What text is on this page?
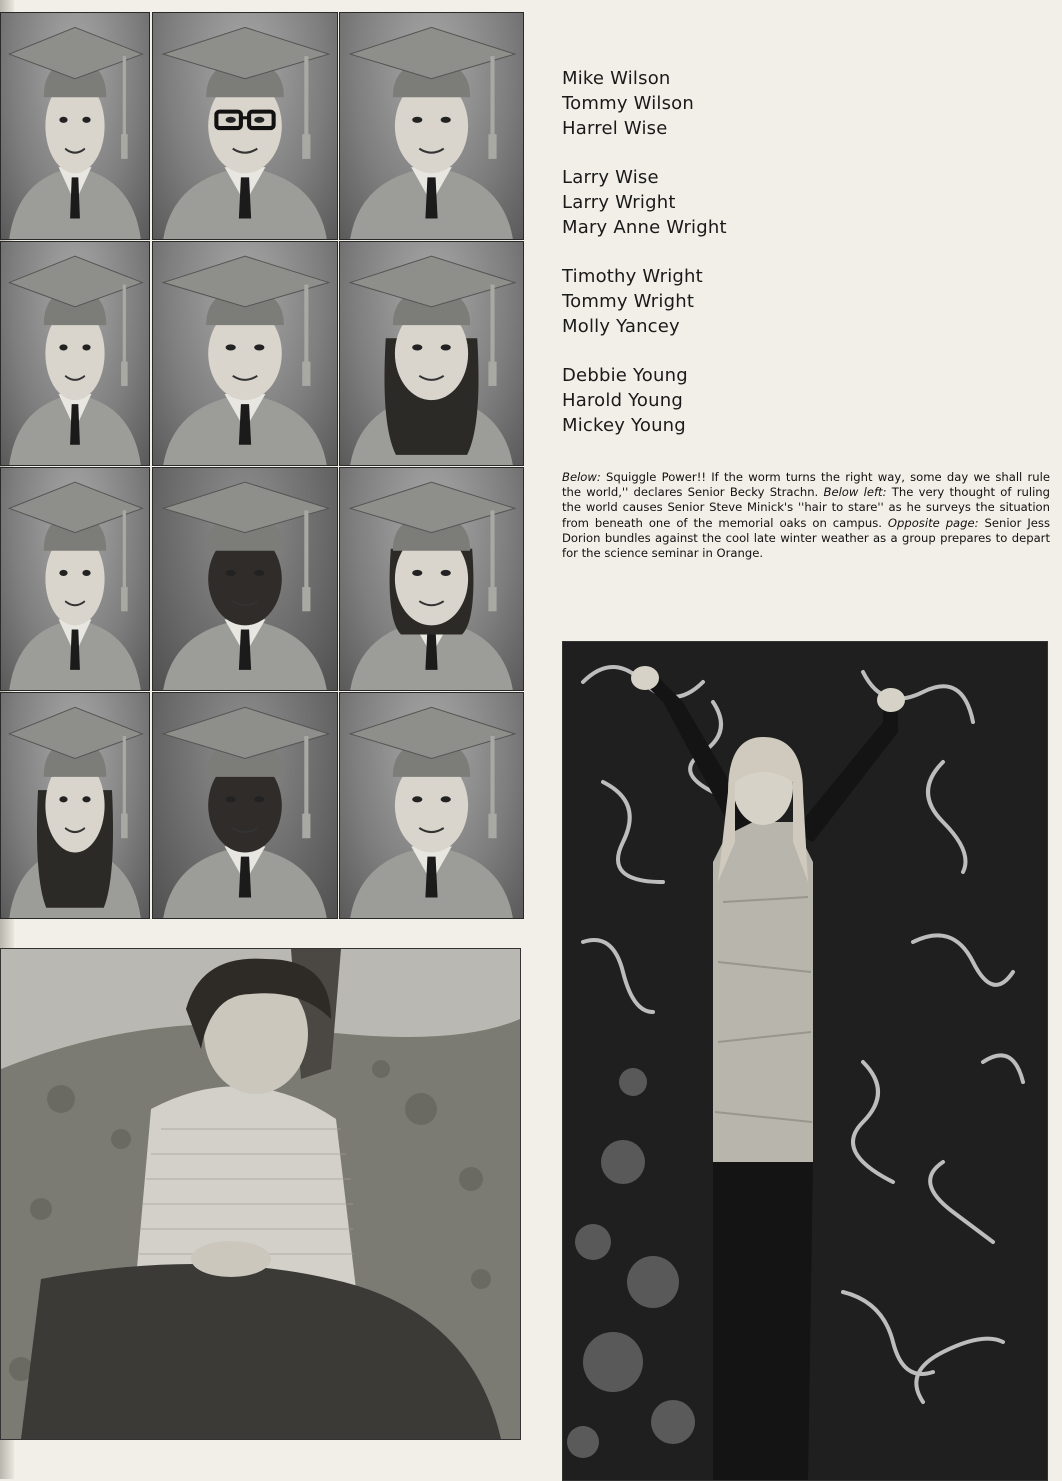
Mike Wilson
Tommy Wilson
Harrel Wise
Larry Wise
Larry Wright
Mary Anne Wright
Timothy Wright
Tommy Wright
Molly Yancey
Debbie Young
Harold Young
Mickey Young
Below: Squiggle Power!! If the worm turns the right way, some day we shall rule the world,'' declares Senior Becky Strachn. Below left: The very thought of ruling the world causes Senior Steve Minick's ''hair to stare'' as he surveys the situation from beneath one of the memorial oaks on campus. Opposite page: Senior Jess Dorion bundles against the cool late winter weather as a group prepares to depart for the science seminar in Orange.
